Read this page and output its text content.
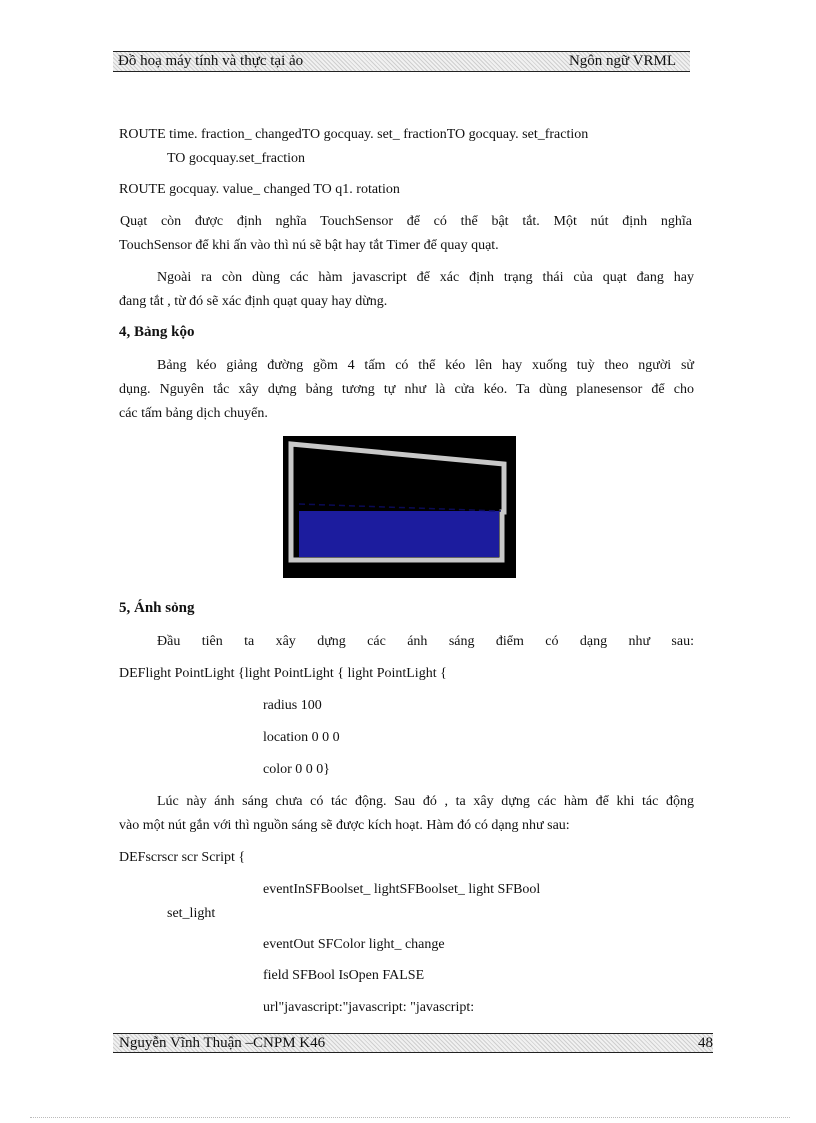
Đồ hoạ máy tính và thực tại ảo	Ngôn ngữ VRML
ROUTE time. fraction_ changedTO gocquay. set_ fractionTO gocquay. set_fraction
TO gocquay.set_fraction
ROUTE gocquay. value_ changed TO q1. rotation
Quạt còn được định nghĩa TouchSensor để có thể bật tắt. Một nút định nghĩa
TouchSensor để khi ấn vào thì nú sẽ bật hay tắt Timer để quay quạt.
Ngoài ra còn dùng các hàm javascript để xác định trạng thái của quạt đang hay
đang tắt , từ đó sẽ xác định quạt quay hay dừng.
4, Bảng kộo
Bảng kéo giảng đường gồm 4 tấm có thể kéo lên hay xuống tuỳ theo người sử
dụng. Nguyên tắc xây dựng bảng tương tự như là cửa kéo. Ta dùng planesensor để cho
các tấm bảng dịch chuyển.
5, Ánh sỏng
Đầu tiên ta xây dựng các ánh sáng điểm có dạng như sau:
DEFlight PointLight {light PointLight { light PointLight {
radius 100
location 0 0 0
color 0 0 0}
Lúc này ánh sáng chưa có tác động. Sau đó , ta xây dựng các hàm để khi tác động
vào một nút gắn với thì nguồn sáng sẽ được kích hoạt. Hàm đó có dạng như sau:
DEFscrscr scr Script {
eventInSFBoolset_ lightSFBoolset_ light SFBool
set_light
eventOut SFColor light_ change
field SFBool IsOpen FALSE
url"javascript:"javascript: "javascript:
Nguyễn Vĩnh Thuận –CNPM K46	48
